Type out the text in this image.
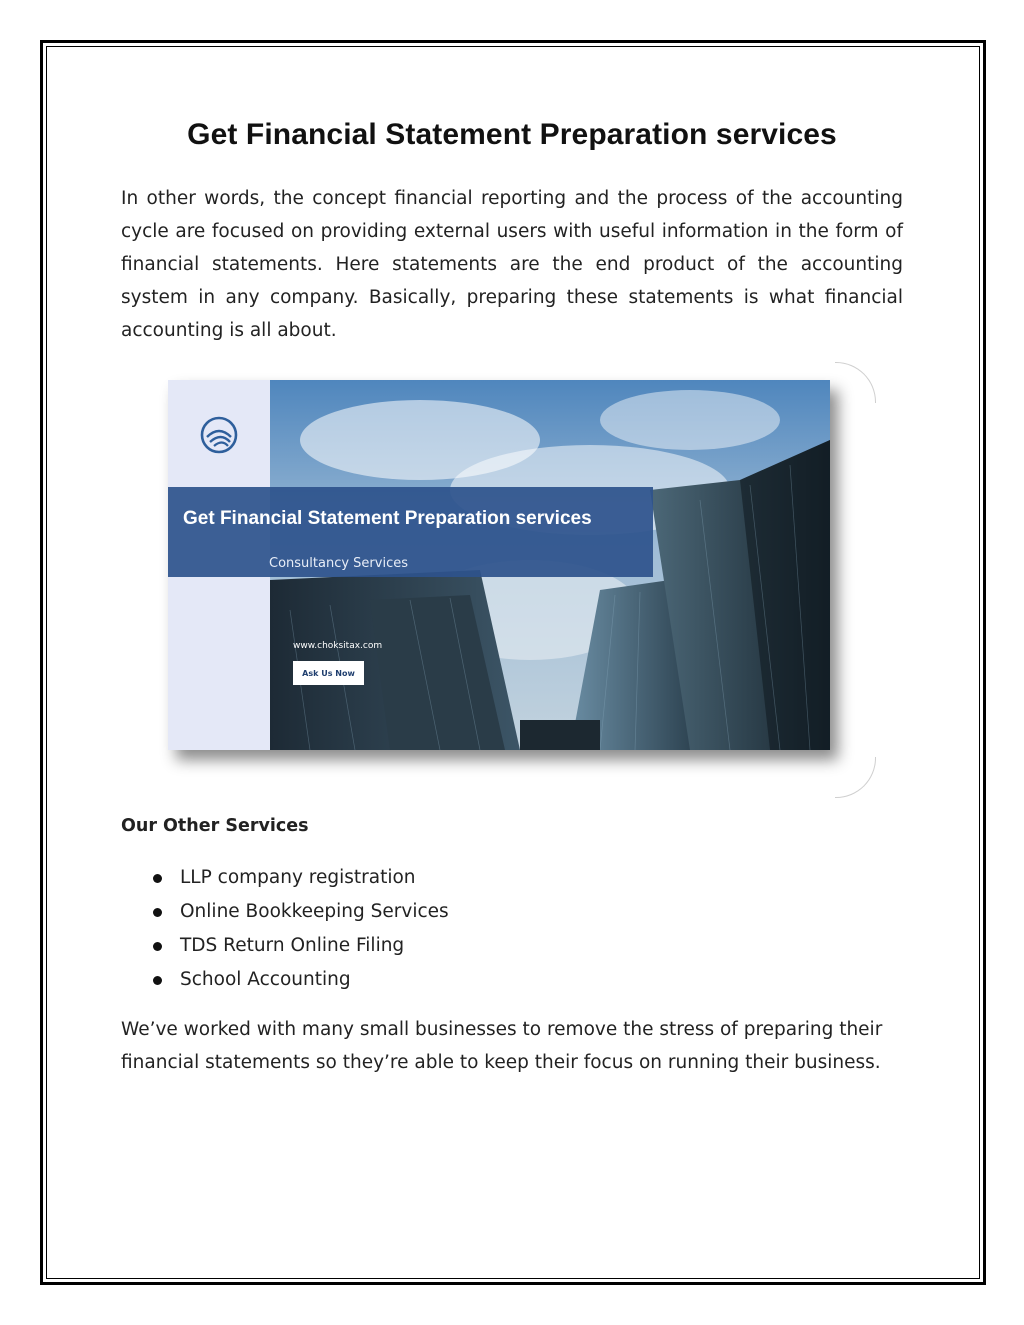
Get Financial Statement Preparation services

In other words, the concept financial reporting and the process of the accounting cycle are focused on providing external users with useful information in the form of financial statements. Here statements are the end product of the accounting system in any company. Basically, preparing these statements is what financial accounting is all about.

Get Financial Statement Preparation services

Consultancy Services

www.choksitax.com
Ask Us Now
Our Other Services
LLP company registration
Online Bookkeeping Services
TDS Return Online Filing
School Accounting

We’ve worked with many small businesses to remove the stress of preparing their financial statements so they’re able to keep their focus on running their business.
